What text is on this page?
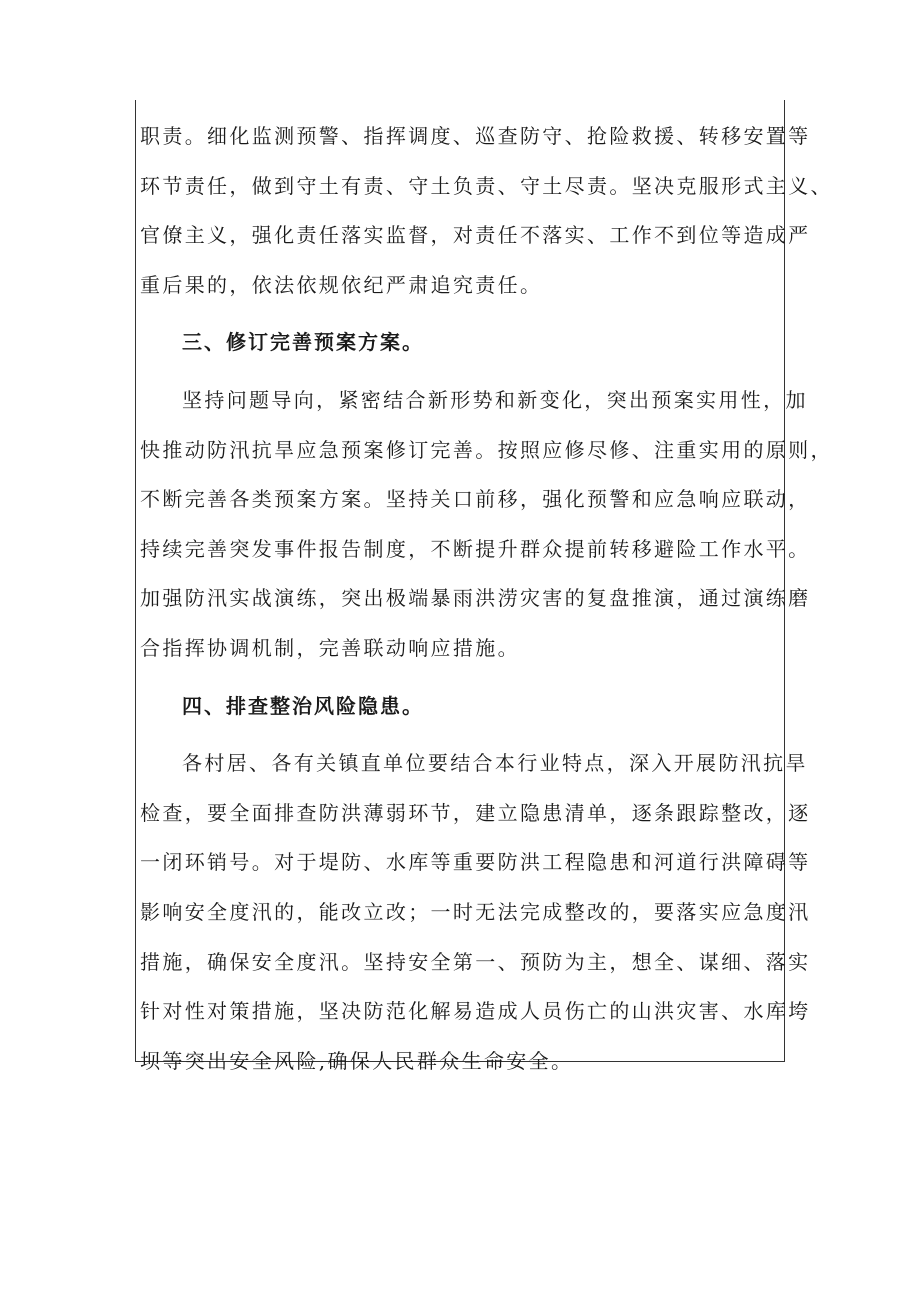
职责。细化监测预警、指挥调度、巡查防守、抢险救援、转移安置等
环节责任，做到守土有责、守土负责、守土尽责。坚决克服形式主义、
官僚主义，强化责任落实监督，对责任不落实、工作不到位等造成严
重后果的，依法依规依纪严肃追究责任。
三、修订完善预案方案。
坚持问题导向，紧密结合新形势和新变化，突出预案实用性，加
快推动防汛抗旱应急预案修订完善。按照应修尽修、注重实用的原则，
不断完善各类预案方案。坚持关口前移，强化预警和应急响应联动，
持续完善突发事件报告制度，不断提升群众提前转移避险工作水平。
加强防汛实战演练，突出极端暴雨洪涝灾害的复盘推演，通过演练磨
合指挥协调机制，完善联动响应措施。
四、排查整治风险隐患。
各村居、各有关镇直单位要结合本行业特点，深入开展防汛抗旱
检查，要全面排查防洪薄弱环节，建立隐患清单，逐条跟踪整改，逐
一闭环销号。对于堤防、水库等重要防洪工程隐患和河道行洪障碍等
影响安全度汛的，能改立改；一时无法完成整改的，要落实应急度汛
措施，确保安全度汛。坚持安全第一、预防为主，想全、谋细、落实
针对性对策措施，坚决防范化解易造成人员伤亡的山洪灾害、水库垮
坝等突出安全风险,确保人民群众生命安全。
